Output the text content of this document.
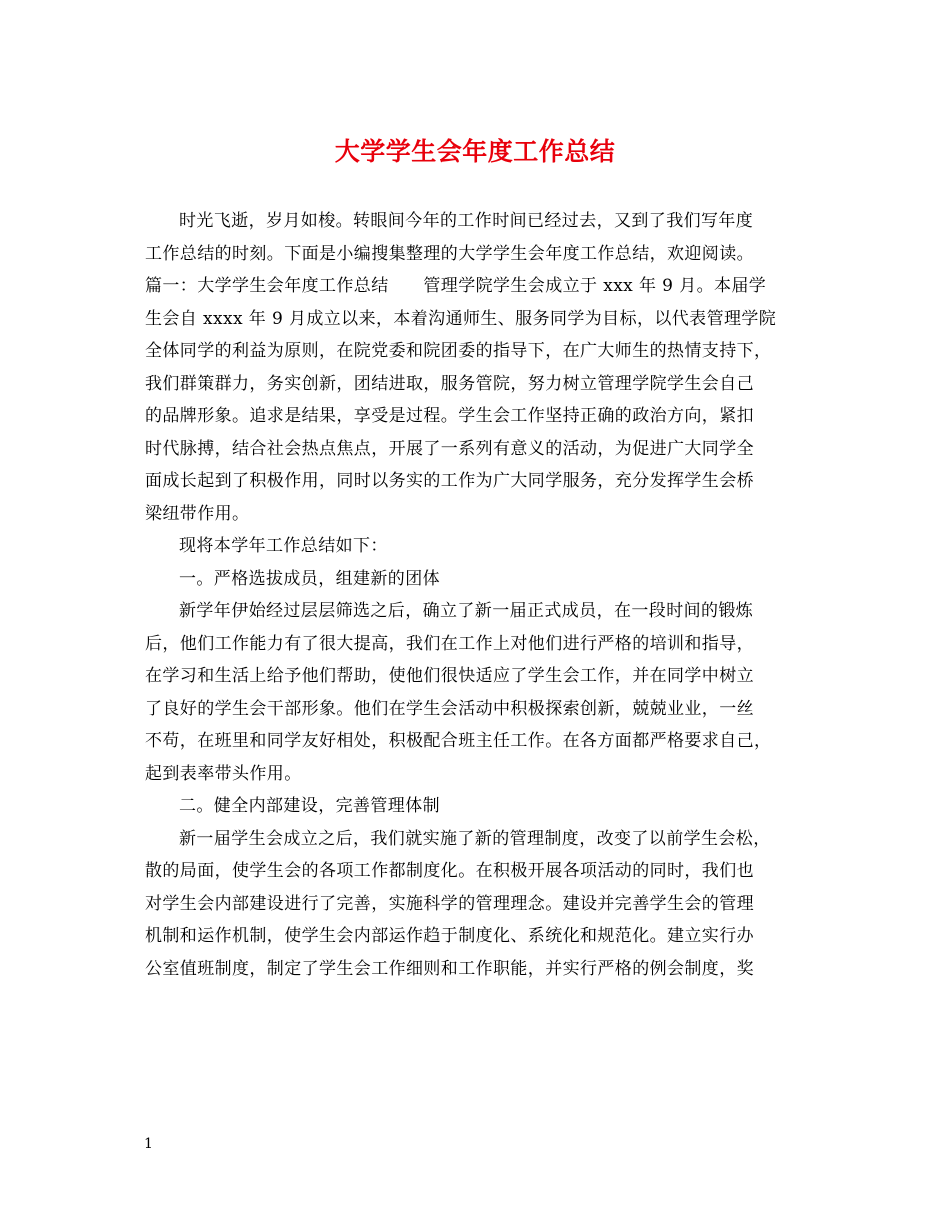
大学学生会年度工作总结
时光飞逝，岁月如梭。转眼间今年的工作时间已经过去，又到了我们写年度
工作总结的时刻。下面是小编搜集整理的大学学生会年度工作总结，欢迎阅读。
篇一：大学学生会年度工作总结　　管理学院学生会成立于 xxx 年 9 月。本届学
生会自 xxxx 年 9 月成立以来，本着沟通师生、服务同学为目标，以代表管理学院
全体同学的利益为原则，在院党委和院团委的指导下，在广大师生的热情支持下，
我们群策群力，务实创新，团结进取，服务管院，努力树立管理学院学生会自己
的品牌形象。追求是结果，享受是过程。学生会工作坚持正确的政治方向，紧扣
时代脉搏，结合社会热点焦点，开展了一系列有意义的活动，为促进广大同学全
面成长起到了积极作用，同时以务实的工作为广大同学服务，充分发挥学生会桥
梁纽带作用。
现将本学年工作总结如下：
一。严格选拔成员，组建新的团体
新学年伊始经过层层筛选之后，确立了新一届正式成员，在一段时间的锻炼
后，他们工作能力有了很大提高，我们在工作上对他们进行严格的培训和指导，
在学习和生活上给予他们帮助，使他们很快适应了学生会工作，并在同学中树立
了良好的学生会干部形象。他们在学生会活动中积极探索创新，兢兢业业，一丝
不苟，在班里和同学友好相处，积极配合班主任工作。在各方面都严格要求自己，
起到表率带头作用。
二。健全内部建设，完善管理体制
新一届学生会成立之后，我们就实施了新的管理制度，改变了以前学生会松，
散的局面，使学生会的各项工作都制度化。在积极开展各项活动的同时，我们也
对学生会内部建设进行了完善，实施科学的管理理念。建设并完善学生会的管理
机制和运作机制，使学生会内部运作趋于制度化、系统化和规范化。建立实行办
公室值班制度，制定了学生会工作细则和工作职能，并实行严格的例会制度，奖
1
